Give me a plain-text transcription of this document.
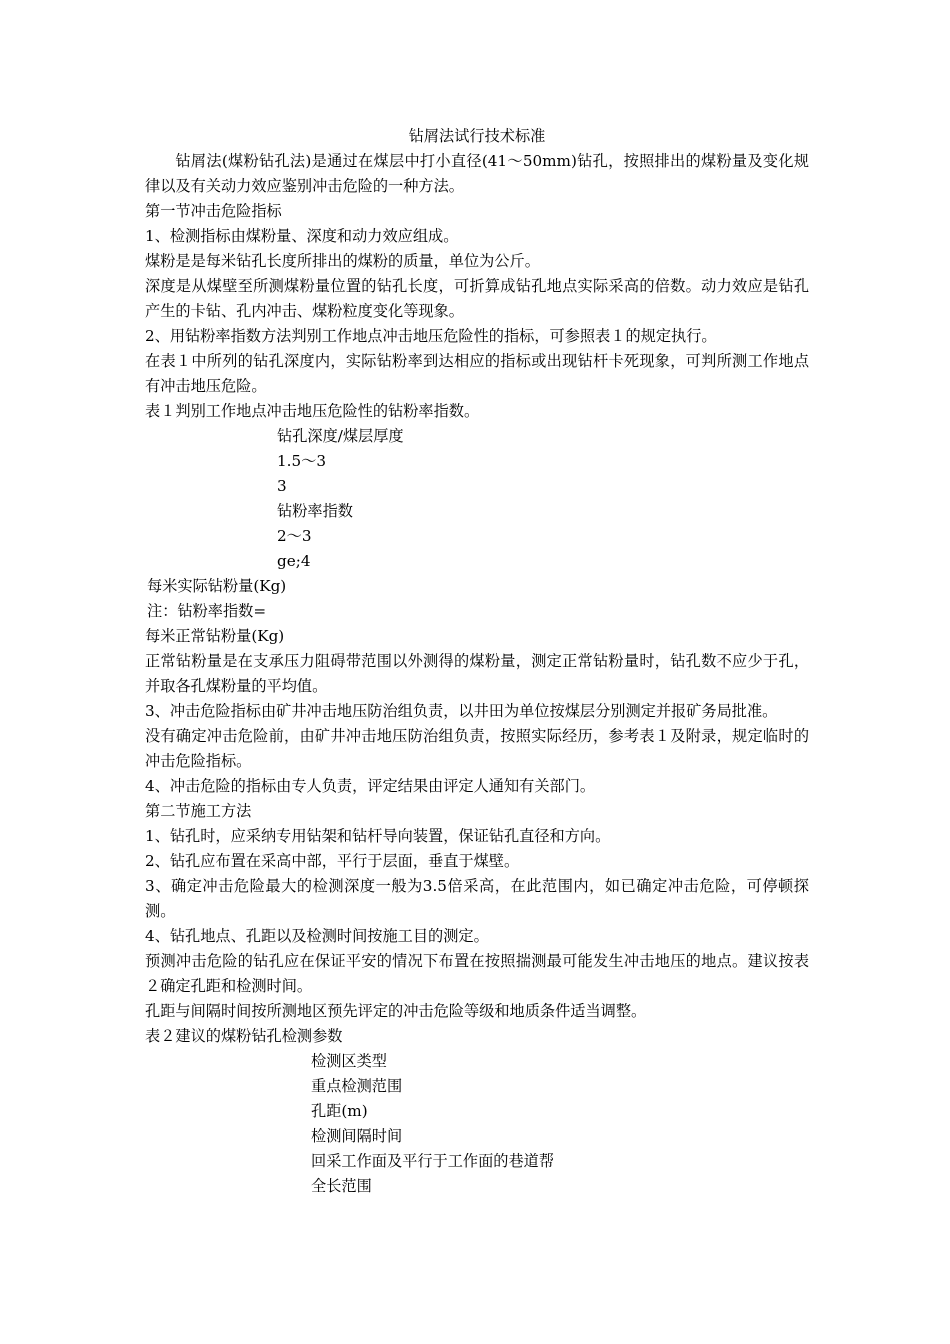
钻屑法试行技术标准

钻屑法(煤粉钻孔法)是通过在煤层中打小直径(41～50mm)钻孔，按照排出的煤粉量及变化规律以及有关动力效应鉴别冲击危险的一种方法。

第一节冲击危险指标

1、检测指标由煤粉量、深度和动力效应组成。

煤粉是是每米钻孔长度所排出的煤粉的质量，单位为公斤。

深度是从煤壁至所测煤粉量位置的钻孔长度，可折算成钻孔地点实际采高的倍数。动力效应是钻孔产生的卡钻、孔内冲击、煤粉粒度变化等现象。

2、用钻粉率指数方法判别工作地点冲击地压危险性的指标，可参照表１的规定执行。

在表１中所列的钻孔深度内，实际钻粉率到达相应的指标或出现钻杆卡死现象，可判所测工作地点有冲击地压危险。

表１判别工作地点冲击地压危险性的钻粉率指数。

钻孔深度/煤层厚度

1.5～3

3

钻粉率指数

2～3

ge;4

每米实际钻粉量(Kg)

注：钻粉率指数=

每米正常钻粉量(Kg)

正常钻粉量是在支承压力阻碍带范围以外测得的煤粉量，测定正常钻粉量时，钻孔数不应少于孔，并取各孔煤粉量的平均值。

3、冲击危险指标由矿井冲击地压防治组负责，以井田为单位按煤层分别测定并报矿务局批准。

没有确定冲击危险前，由矿井冲击地压防治组负责，按照实际经历，参考表１及附录，规定临时的冲击危险指标。

4、冲击危险的指标由专人负责，评定结果由评定人通知有关部门。

第二节施工方法

1、钻孔时，应采纳专用钻架和钻杆导向装置，保证钻孔直径和方向。

2、钻孔应布置在采高中部，平行于层面，垂直于煤壁。

3、确定冲击危险最大的检测深度一般为3.5倍采高，在此范围内，如已确定冲击危险，可停顿探测。

4、钻孔地点、孔距以及检测时间按施工目的测定。

预测冲击危险的钻孔应在保证平安的情况下布置在按照揣测最可能发生冲击地压的地点。建议按表２确定孔距和检测时间。

孔距与间隔时间按所测地区预先评定的冲击危险等级和地质条件适当调整。

表２建议的煤粉钻孔检测参数

检测区类型

重点检测范围

孔距(m)

检测间隔时间

回采工作面及平行于工作面的巷道帮

全长范围
